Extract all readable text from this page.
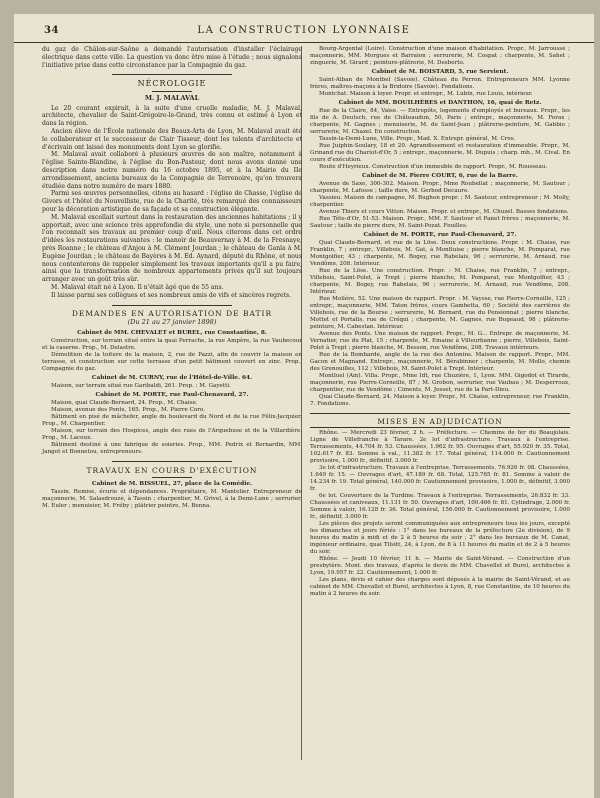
34	LA CONSTRUCTION LYONNAISE

du gaz de Châlon-sur-Saône a demandé l'autorisation d'installer l'éclairage électrique dans cette ville. La question va donc être mise à l'étude ; nous signalons l'initiative prise dans cette circonstance par la Compagnie du gaz.

NÉCROLOGIE
M. J. MALAVAL

Le 20 courant expirait, à la suite d'une cruelle maladie, M. J. Malaval, architecte, chevalier de Saint-Grégoire-le-Grand, très connu et estimé à Lyon et dans la région.

Ancien élève de l'École nationale des Beaux-Arts de Lyon, M. Malaval avait été le collaborateur et le successeur de Clair Tisseur, dont les talents d'architecte et d'écrivain ont laissé des monuments dont Lyon se glorifie.

M. Malaval avait collaboré à plusieurs œuvres de son maître, notamment à l'église Sainte-Blandine, à l'église du Bon-Pasteur, dont nous avons donné une description dans notre numéro du 16 octobre 1895, et à la Mairie du IIe arrondissement, anciens bureaux de la Compagnie de Terrenoire, qu'on trouvera étudiée dans notre numéro de mars 1880.

Parmi ses œuvres personnelles, citons au hasard : l'église de Chasse, l'église de Givors et l'hôtel du Nouvelliste, rue de la Charité, très remarqué des connaisseurs pour la décoration artistique de sa façade et sa construction élégante.

M. Malaval excellait surtout dans la restauration des anciennes habitations ; il y apportait, avec une science très approfondie du style, une note si personnelle que l'on reconnait ses travaux au premier coup d'œil. Nous citerons dans cet ordre d'idées les restaurations suivantes : le manoir de Beauvernay à M. de la Fresnaye, près Roanne ; le château d'Anjou à M. Clément Jourdan ; le château de Ganla à M. Eugène Jourdan ; le château de Bayères à M. Ed. Aynard, député du Rhône, et nous nous contenterons de rappeler simplement les travaux importants qu'il a pu faire, ainsi que la transformation de nombreux appartements privés qu'il sut toujours arranger avec un goût très sûr.

M. Malaval était né à Lyon. Il n'était âgé que de 55 ans.

Il laisse parmi ses collègues et ses nombreux amis de vifs et sincères regrets.

DEMANDES EN AUTORISATION DE BATIR
(Du 21 au 27 janvier 1898)
Cabinet de MM. CHEVALET et BUREL, rue Constantine, 8.

Construction, sur terrain situé entre la quai Perrache, la rue Ampère, la rue Vaubecour et la caserne. Prop., M. Delastre.

Démolition de la toiture de la maison, 2, rue de Pazzi, afin de couvrir la maison en terrasse, et construction sur cette terrasse d'un petit bâtiment couvert en zinc. Prop., Compagnie du gaz.

Cabinet de M. CURNY, rue de l'Hôtel-de-Ville. 64.

Maison, sur terrain situé rue Garibaldi, 261. Prop. : M. Gayetti.

Cabinet de M. PORTE, rue Paul-Chenavard, 27.

Maison, quai Claude-Bernard, 24. Prop., M. Chaise.

Maison, avenue des Ponts, 165. Prop., M. Pierre Coro.

Bâtiment en pisé de mâchefer, angle du boulevard du Nord et de la rue Félix-Jacquier. Prop., M. Charpentier.

Maison, sur terrain des Hospices, angle des rues de l'Arquebuse et de la Villardière. Prop., M. Lacoux.

Bâtiment destiné à une fabrique de soieries. Prop., MM. Pedrix et Bernardin, MM. Jangot et Bonnetou, entrepreneurs.

TRAVAUX EN COURS D'EXÉCUTION
Cabinet de M. BISSUEL, 27, place de la Comédie.

Tassin. Remise, écurie et dépendances. Propriétaire, M. Mantelier. Entrepreneur de maçonnerie, M. Salasdrouze, à Tassin ; charpentier, M. Grivel, à la Demi-Lune ; serrurier, M. Euler ; menuisier, M. Fréby ; plâtrier peintre, M. Benna.

Bourg-Argental (Loire). Construction d'une maison d'habitation. Propr., M. Jarrousse ; maçonnerie, MM. Morgues et Barraion ; serrurerie, M. Cospat ; charpente, M. Sahet ; zinguerie, M. Girard ; peinture-plâtrerie, M. Desberto.

Cabinet de M. BOISTARD, 5, rue Servient.

Saint-Alban de Montbel (Savoie). Château du Perron. Entrepreneurs MM. Lyonne frères, maîtres-maçons à la Bridoire (Savoie). Fondations.

Montchat. Maison à loyer. Propr. et entrepr., M. Lubin, rue Louis, intérieur.

Cabinet de MM. BOUILHÈRES et DANTHON, 16, quai de Retz.

Rue de la Claire, 84, Vaise. — Entrepôts, logements d'employés et bureaux. Propr., les fils de A. Deutsch, rue de Châteaudun, 50, Paris ; entrepr., maçonnerie, M. Forax ; charpente, M. Gagnes ; menuiserie, M. de Saint-Jean ; plâtrerie-peinture, M. Gabbio ; serrurerie, M. Chazel. En construction.

Tassin-la-Demi-Lune, Ville. Propr., Mad. X. Entrepr. général, M. Cros.

Rue Juiphin-Soulary, 18 et 20. Agrandissement et restauration d'immeuble. Propr., M. Grinand rue du Chariot-d'Or, 5 ; entrepr., maçonnerie, M. Dupuis ; charp. mb., M. Cival. En cours d'exécution.

Route d'Heyrieux. Construction d'un immeuble de rapport. Propr., M. Rousseau.

Cabinet de M. Pierre COURT, 6, rue de la Barre.

Avenue de Saxe, 300-302. Maison. Propr., Mme Roubellat ; maçonnerie, M. Sautour ; charpente, M. Lafosse ; taille dure, M. Gerbod Decaure.

Vassieu. Maison de campagne, M. Bughon propr. ; M. Sautour, entrepreneur ; M. Molly, charpentier.

Avenue Thiers et cours Vitton. Maison. Propr. et entrepr., M. Chuzel. Basses fondations.

Rue Tête-d'Or, 51-53. Maison. Propr., MM. F. Sautour et Panet frères ; maçonnerie, M. Sautour ; taille de pierre dure, M. Saint-Pozat. Fouilles.

Cabinet de M. PORTE, rue Paul-Chenavard, 27.

Quai Claude-Bernard, et rue de la Löse. Deux constructions. Propr. : M. Chaise, rue Franklin, 7 ; entrepr., Villebois, M. Gat, à Montluise ; pierre blanche, M. Pomparat, rue Montgolfier, 43 ; charpente, M. Bogey, rue Rabelais, 96 ; serrurerie, M. Arnaud, rue Vendôme, 208. Intérieur.

Rue de la Löse. Une construction. Propr. : M. Chaise, rue Franklin, 7 ; entrepr., Villebois, Saint-Polet, à Trept ; pierre blanche, M. Pomparat, rue Montgolfier, 43 ; charpente, M. Bogey, rue Rabelais, 96 ; serrurerie, M. Arnaud, rue Vendôme, 208. Intérieur.

Rue Molière, 52. Une maison de rapport. Propr. : M. Vaysse, rue Pierre-Corneille, 125 ; entrepr., maçonnerie, MM. Taton frères, cours Gambetta, 60 ; Société des carrières de Villebois, rue de la Bourse ; serrurerie, M. Bernard, rue du Pensionnat ; pierre blanche, Mottet et Portalis, rue de Créqui ; charpente, M. Gagnes, rue Bugeaud, 98 ; plâtrerie-peinture, M. Cabestan. Intérieur.

Avenue des Ponts. Une maison de rapport. Propr., M. G... Entrepr. de maçonnerie, M. Vernatier, rue du Plat, 15 ; charpente, M. Emaine à Villeurbanne ; pierre, Villebois, Saint-Polet à Trept ; pierre blanche, M. Besson, rue Vendôme, 208. Travaux intérieurs.

Rue de la Bombarde, angle de la rue des Antonins. Maison de rapport. Propr., MM. Gacon et Magnand. Entrepr., maçonnerie, M. Bérabinner ; charpente, M. Mollo, chemin des Grenouilles, 112 ; Villebois, M. Saint-Polet à Trept. Intérieur.

Montluel (Ain). Villa. Propr., Mme Idt, rue Chuzière, 1, Lyon. MM. Gigodot et Tirarde, maçonnerie, rue Pierre-Corneille, 87 ; M. Grobon, serrurier, rue Vaubau ; M. Desperroux, charpentier, rue de Vendôme ; Ciments, M. Josset, rue de la Part-Dieu.

Quai Claude-Bernard, 24. Maison à loyer. Propr., M. Chaise, entrepreneur, rue Franklin, 7. Fondations.

MISES EN ADJUDICATION

Rhône. — Mercredi 23 février, 2 h. — Préfecture. — Chemins de fer du Beaujolais. Ligne de Villefranche à Tarare. 2e lot d'infrastructure. Travaux à l'entreprise. Terrassements, 44.704 fr. 53. Chaussées, 1.962 fr. 95. Ouvrages d'art, 55.920 fr. 35. Total, 102.617 fr. 83. Somme à val., 11.382 fr. 17. Total général, 114.000 fr. Cautionnement provisoire, 1.000 fr., définitif, 3.000 fr.

3e lot d'infrastructure. Travaux à l'entreprise. Terrassements, 76.926 fr. 08. Chaussées, 1.649 fr. 15. — Ouvrages d'art, 47.189 fr. 68. Total, 125.765 fr. 81. Somme à valoir de 14.234 fr. 19. Total général, 140.000 fr. Cautionnement provisoire, 1.000 fr., définitif, 3.000 fr.

6e lot. Couverture de la Turdine. Travaux à l'entreprise. Terrassements, 26.832 fr. 33. Chaussées et caniveaux, 11.131 fr. 50. Ouvrages d'art, 100.466 fr. 81. Cylindrage, 2.000 fr. Somme à valoir, 16.128 fr. 36. Total général, 156.000 fr. Cautionnement provisoire, 1.000 fr., définitif, 3.000 fr.

Les pièces des projets seront communiquées aux entrepreneurs tous les jours, excepté les dimanches et jours fériés : 1° dans les bureaux de la préfecture (2e division), de 9 heures du matin à midi et de 2 à 5 heures du soir ; 2° dans les bureaux de M. Canat, ingénieur ordinaire, quai Tilsitt, 24, à Lyon, de 8 à 11 heures du matin et de 2 à 5 heures du soir.

Rhône. — Jeudi 10 février, 11 h. — Mairie de Saint-Vérand. — Construction d'un presbytère. Mont. des travaux, d'après le devis de MM. Chavellet et Burel, architectes à Lyon, 19.957 fr. 22. Cautionnement, 1.000 fr.

Les plans, devis et cahier des charges sont déposés à la mairie de Saint-Vérand, et au cabinet de MM. Chevallet et Burel, architectes à Lyon, 8, rue Constantine, de 10 heures du matin à 2 heures du soir.
